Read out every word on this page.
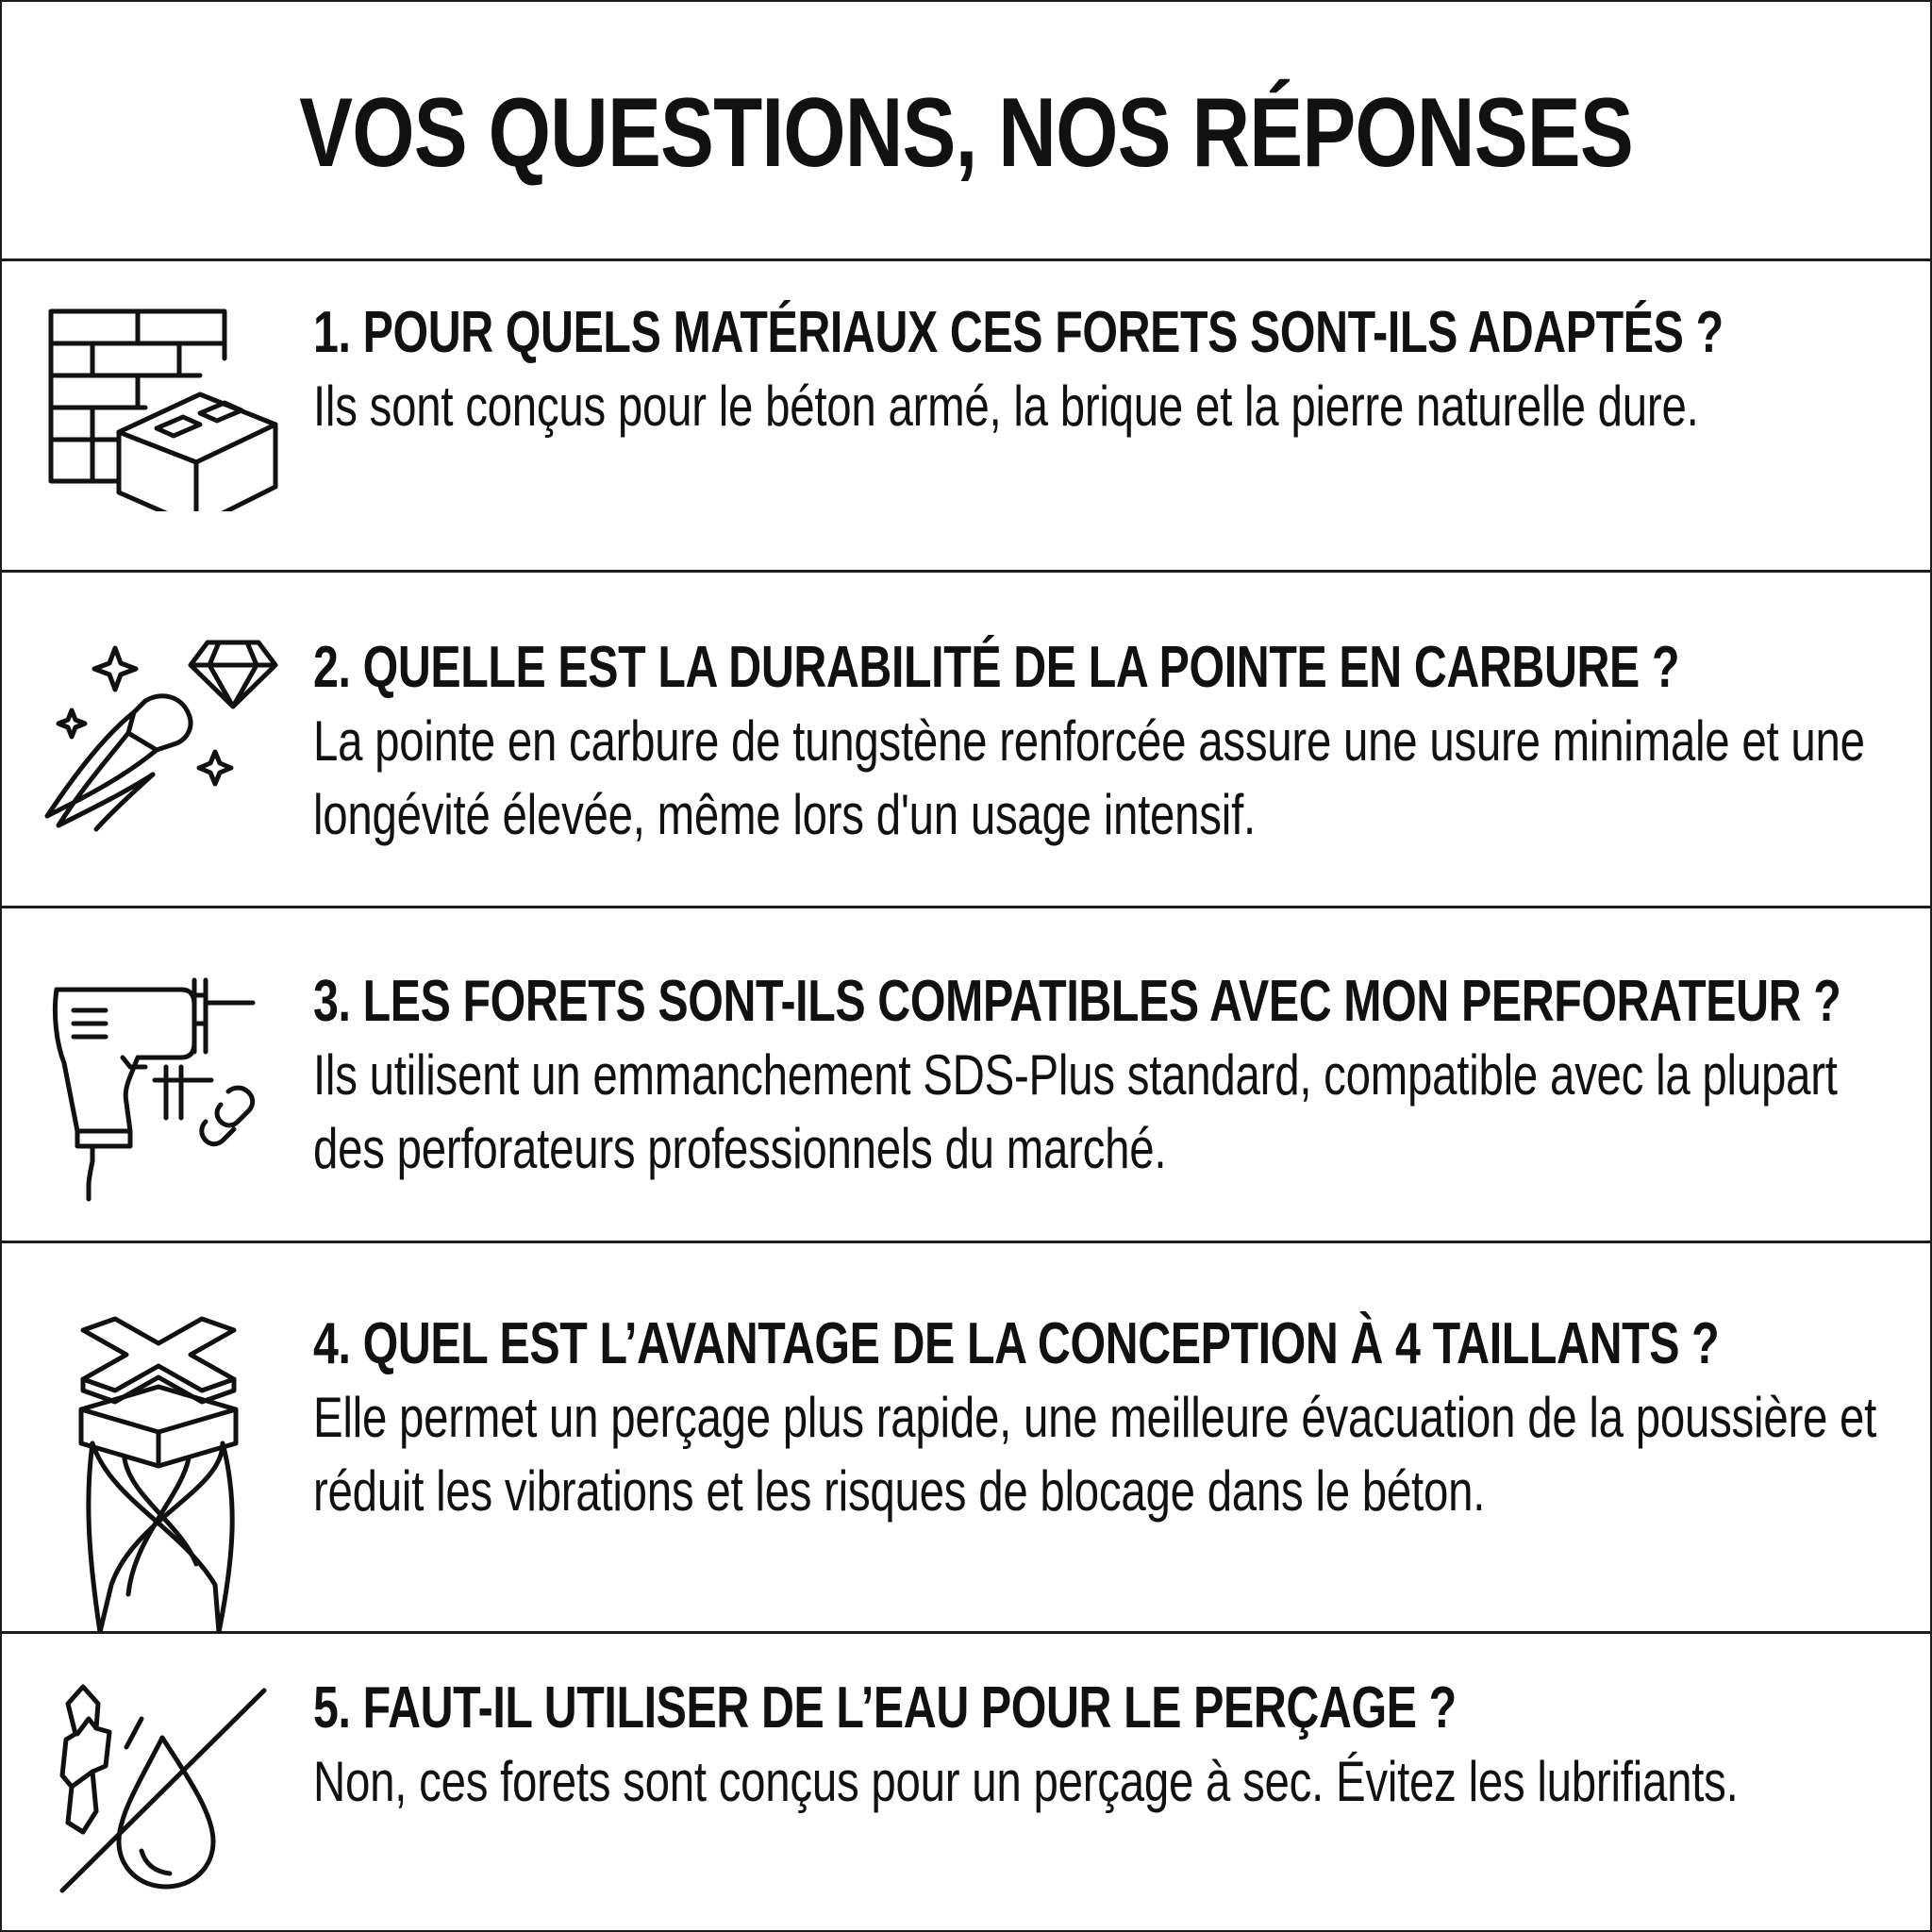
VOS QUESTIONS, NOS RÉPONSES
1. POUR QUELS MATÉRIAUX CES FORETS SONT-ILS ADAPTÉS ?
Ils sont conçus pour le béton armé, la brique et la pierre naturelle dure.
2. QUELLE EST LA DURABILITÉ DE LA POINTE EN CARBURE ?
La pointe en carbure de tungstène renforcée assure une usure minimale et une longévité élevée, même lors d'un usage intensif.
3. LES FORETS SONT-ILS COMPATIBLES AVEC MON PERFORATEUR ?
Ils utilisent un emmanchement SDS-Plus standard, compatible avec la plupart des perforateurs professionnels du marché.
4. QUEL EST L’AVANTAGE DE LA CONCEPTION À 4 TAILLANTS ?
Elle permet un perçage plus rapide, une meilleure évacuation de la poussière et réduit les vibrations et les risques de blocage dans le béton.
5. FAUT-IL UTILISER DE L’EAU POUR LE PERÇAGE ?
Non, ces forets sont conçus pour un perçage à sec. Évitez les lubrifiants.
